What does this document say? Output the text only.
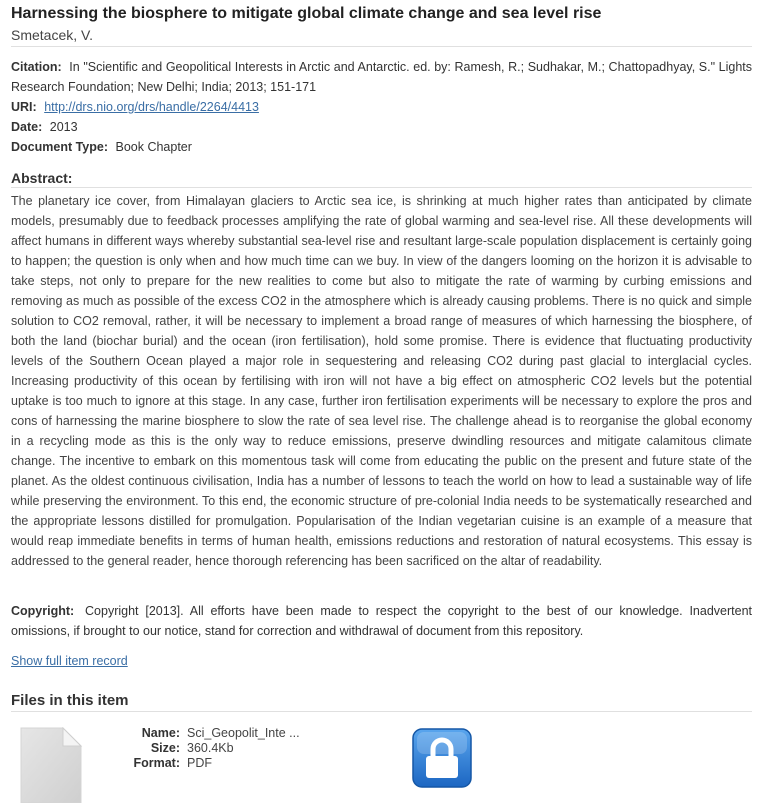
Harnessing the biosphere to mitigate global climate change and sea level rise
Smetacek, V.
Citation: In "Scientific and Geopolitical Interests in Arctic and Antarctic. ed. by: Ramesh, R.; Sudhakar, M.; Chattopadhyay, S." Lights Research Foundation; New Delhi; India; 2013; 151-171
URI: http://drs.nio.org/drs/handle/2264/4413
Date: 2013
Document Type: Book Chapter
Abstract:

The planetary ice cover, from Himalayan glaciers to Arctic sea ice, is shrinking at much higher rates than anticipated by climate models, presumably due to feedback processes amplifying the rate of global warming and sea-level rise. All these developments will affect humans in different ways whereby substantial sea-level rise and resultant large-scale population displacement is certainly going to happen; the question is only when and how much time can we buy. In view of the dangers looming on the horizon it is advisable to take steps, not only to prepare for the new realities to come but also to mitigate the rate of warming by curbing emissions and removing as much as possible of the excess CO2 in the atmosphere which is already causing problems. There is no quick and simple solution to CO2 removal, rather, it will be necessary to implement a broad range of measures of which harnessing the biosphere, of both the land (biochar burial) and the ocean (iron fertilisation), hold some promise. There is evidence that fluctuating productivity levels of the Southern Ocean played a major role in sequestering and releasing CO2 during past glacial to interglacial cycles. Increasing productivity of this ocean by fertilising with iron will not have a big effect on atmospheric CO2 levels but the potential uptake is too much to ignore at this stage. In any case, further iron fertilisation experiments will be necessary to explore the pros and cons of harnessing the marine biosphere to slow the rate of sea level rise. The challenge ahead is to reorganise the global economy in a recycling mode as this is the only way to reduce emissions, preserve dwindling resources and mitigate calamitous climate change. The incentive to embark on this momentous task will come from educating the public on the present and future state of the planet. As the oldest continuous civilisation, India has a number of lessons to teach the world on how to lead a sustainable way of life while preserving the environment. To this end, the economic structure of pre-colonial India needs to be systematically researched and the appropriate lessons distilled for promulgation. Popularisation of the Indian vegetarian cuisine is an example of a measure that would reap immediate benefits in terms of human health, emissions reductions and restoration of natural ecosystems. This essay is addressed to the general reader, hence thorough referencing has been sacrificed on the altar of readability.

Copyright: Copyright [2013]. All efforts have been made to respect the copyright to the best of our knowledge. Inadvertent omissions, if brought to our notice, stand for correction and withdrawal of document from this repository.
Show full item record
Files in this item
Name: Sci_Geopolit_Inte ...
Size: 360.4Kb
Format: PDF
